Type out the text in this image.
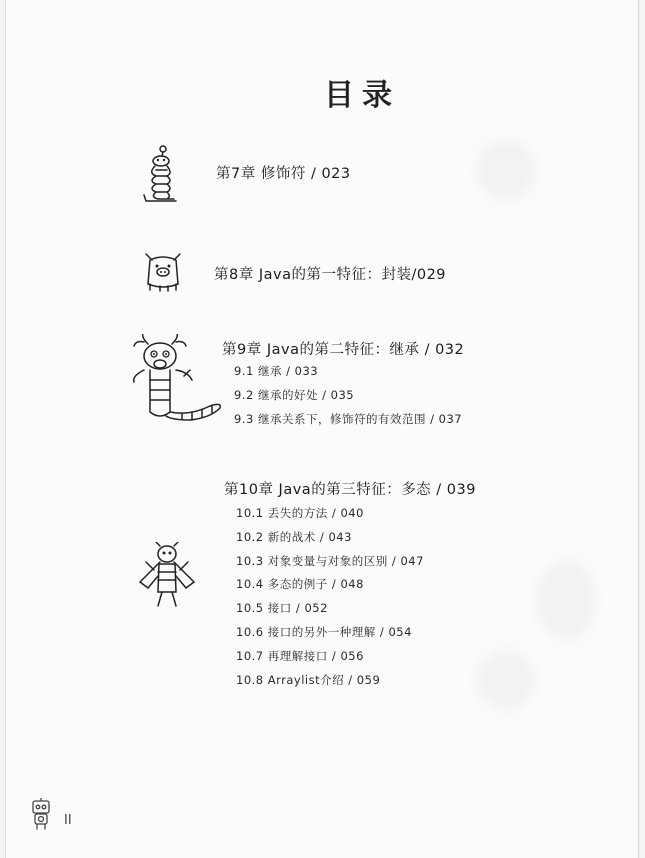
目录
第7章 修饰符 / 023
第8章 Java的第一特征：封装/029
第9章 Java的第二特征：继承 / 032
9.1 继承 / 033
9.2 继承的好处 / 035
9.3 继承关系下，修饰符的有效范围 / 037
第10章 Java的第三特征：多态 / 039
10.1 丢失的方法 / 040
10.2 新的战术 / 043
10.3 对象变量与对象的区别 / 047
10.4 多态的例子 / 048
10.5 接口 / 052
10.6 接口的另外一种理解 / 054
10.7 再理解接口 / 056
10.8 Arraylist介绍 / 059
II
